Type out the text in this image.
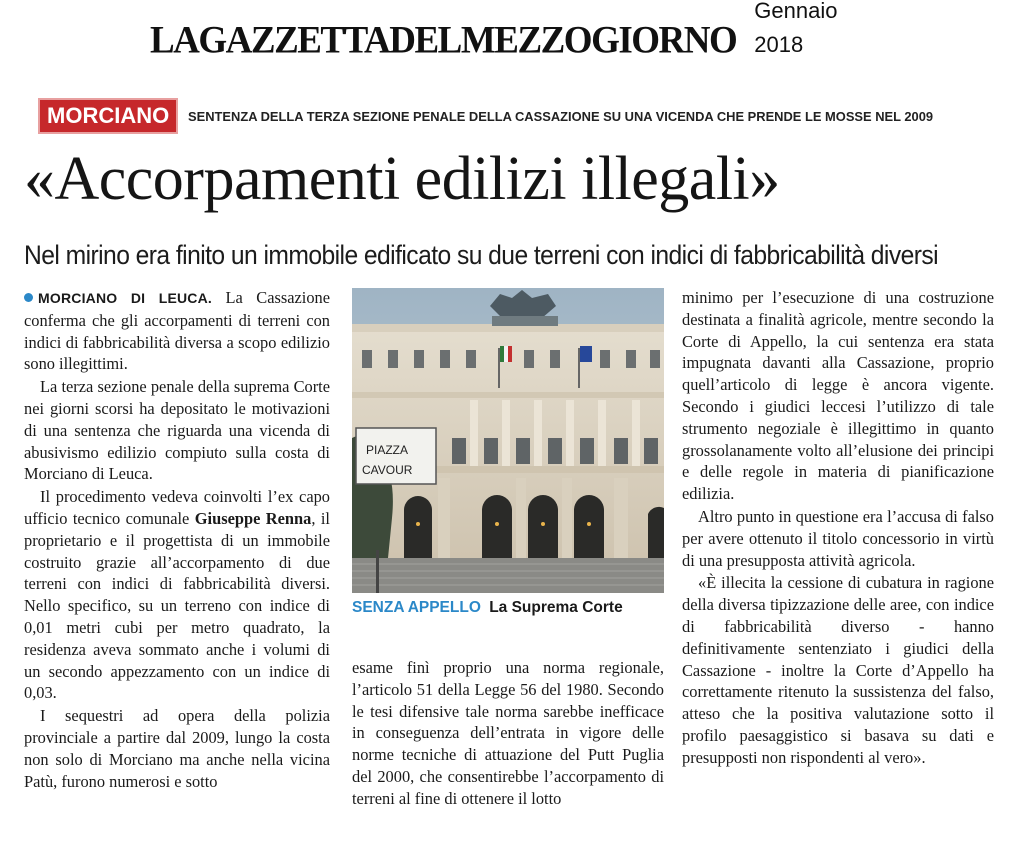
LAGAZZETTADELMEZZOGIORNO
Gennaio 2018
MORCIANO	SENTENZA DELLA TERZA SEZIONE PENALE DELLA CASSAZIONE SU UNA VICENDA CHE PRENDE LE MOSSE NEL 2009
«Accorpamenti edilizi illegali»
Nel mirino era finito un immobile edificato su due terreni con indici di fabbricabilità diversi

MORCIANO DI LEUCA. La Cassazione conferma che gli accorpamenti di terreni con indici di fabbricabilità diversa a scopo edilizio sono illegittimi.

La terza sezione penale della suprema Corte nei giorni scorsi ha depositato le motivazioni di una sentenza che riguarda una vicenda di abusivismo edilizio compiuto sulla costa di Morciano di Leuca.

Il procedimento vedeva coinvolti l’ex capo ufficio tecnico comunale Giuseppe Renna, il proprietario e il progettista di un immobile costruito grazie all’accorpamento di due terreni con indici di fabbricabilità diversi. Nello specifico, su un terreno con indice di 0,01 metri cubi per metro quadrato, la residenza aveva sommato anche i volumi di un secondo appezzamento con un indice di 0,03.

I sequestri ad opera della polizia provinciale a partire dal 2009, lungo la costa non solo di Morciano ma anche nella vicina Patù, furono numerosi e sotto

PIAZZA
CAVOUR
SENZA APPELLO La Suprema Corte

esame finì proprio una norma regionale, l’articolo 51 della Legge 56 del 1980. Secondo le tesi difensive tale norma sarebbe inefficace in conseguenza dell’entrata in vigore delle norme tecniche di attuazione del Putt Puglia del 2000, che consentirebbe l’accorpamento di terreni al fine di ottenere il lotto

minimo per l’esecuzione di una costruzione destinata a finalità agricole, mentre secondo la Corte di Appello, la cui sentenza era stata impugnata davanti alla Cassazione, proprio quell’articolo di legge è ancora vigente. Secondo i giudici leccesi l’utilizzo di tale strumento negoziale è illegittimo in quanto grossolanamente volto all’elusione dei principi e delle regole in materia di pianificazione edilizia.

Altro punto in questione era l’accusa di falso per avere ottenuto il titolo concessorio in virtù di una presupposta attività agricola.

«È illecita la cessione di cubatura in ragione della diversa tipizzazione delle aree, con indice di fabbricabilità diverso - hanno definitivamente sentenziato i giudici della Cassazione - inoltre la Corte d’Appello ha correttamente ritenuto la sussistenza del falso, atteso che la positiva valutazione sotto il profilo paesaggistico si basava su dati e presupposti non rispondenti al vero».
